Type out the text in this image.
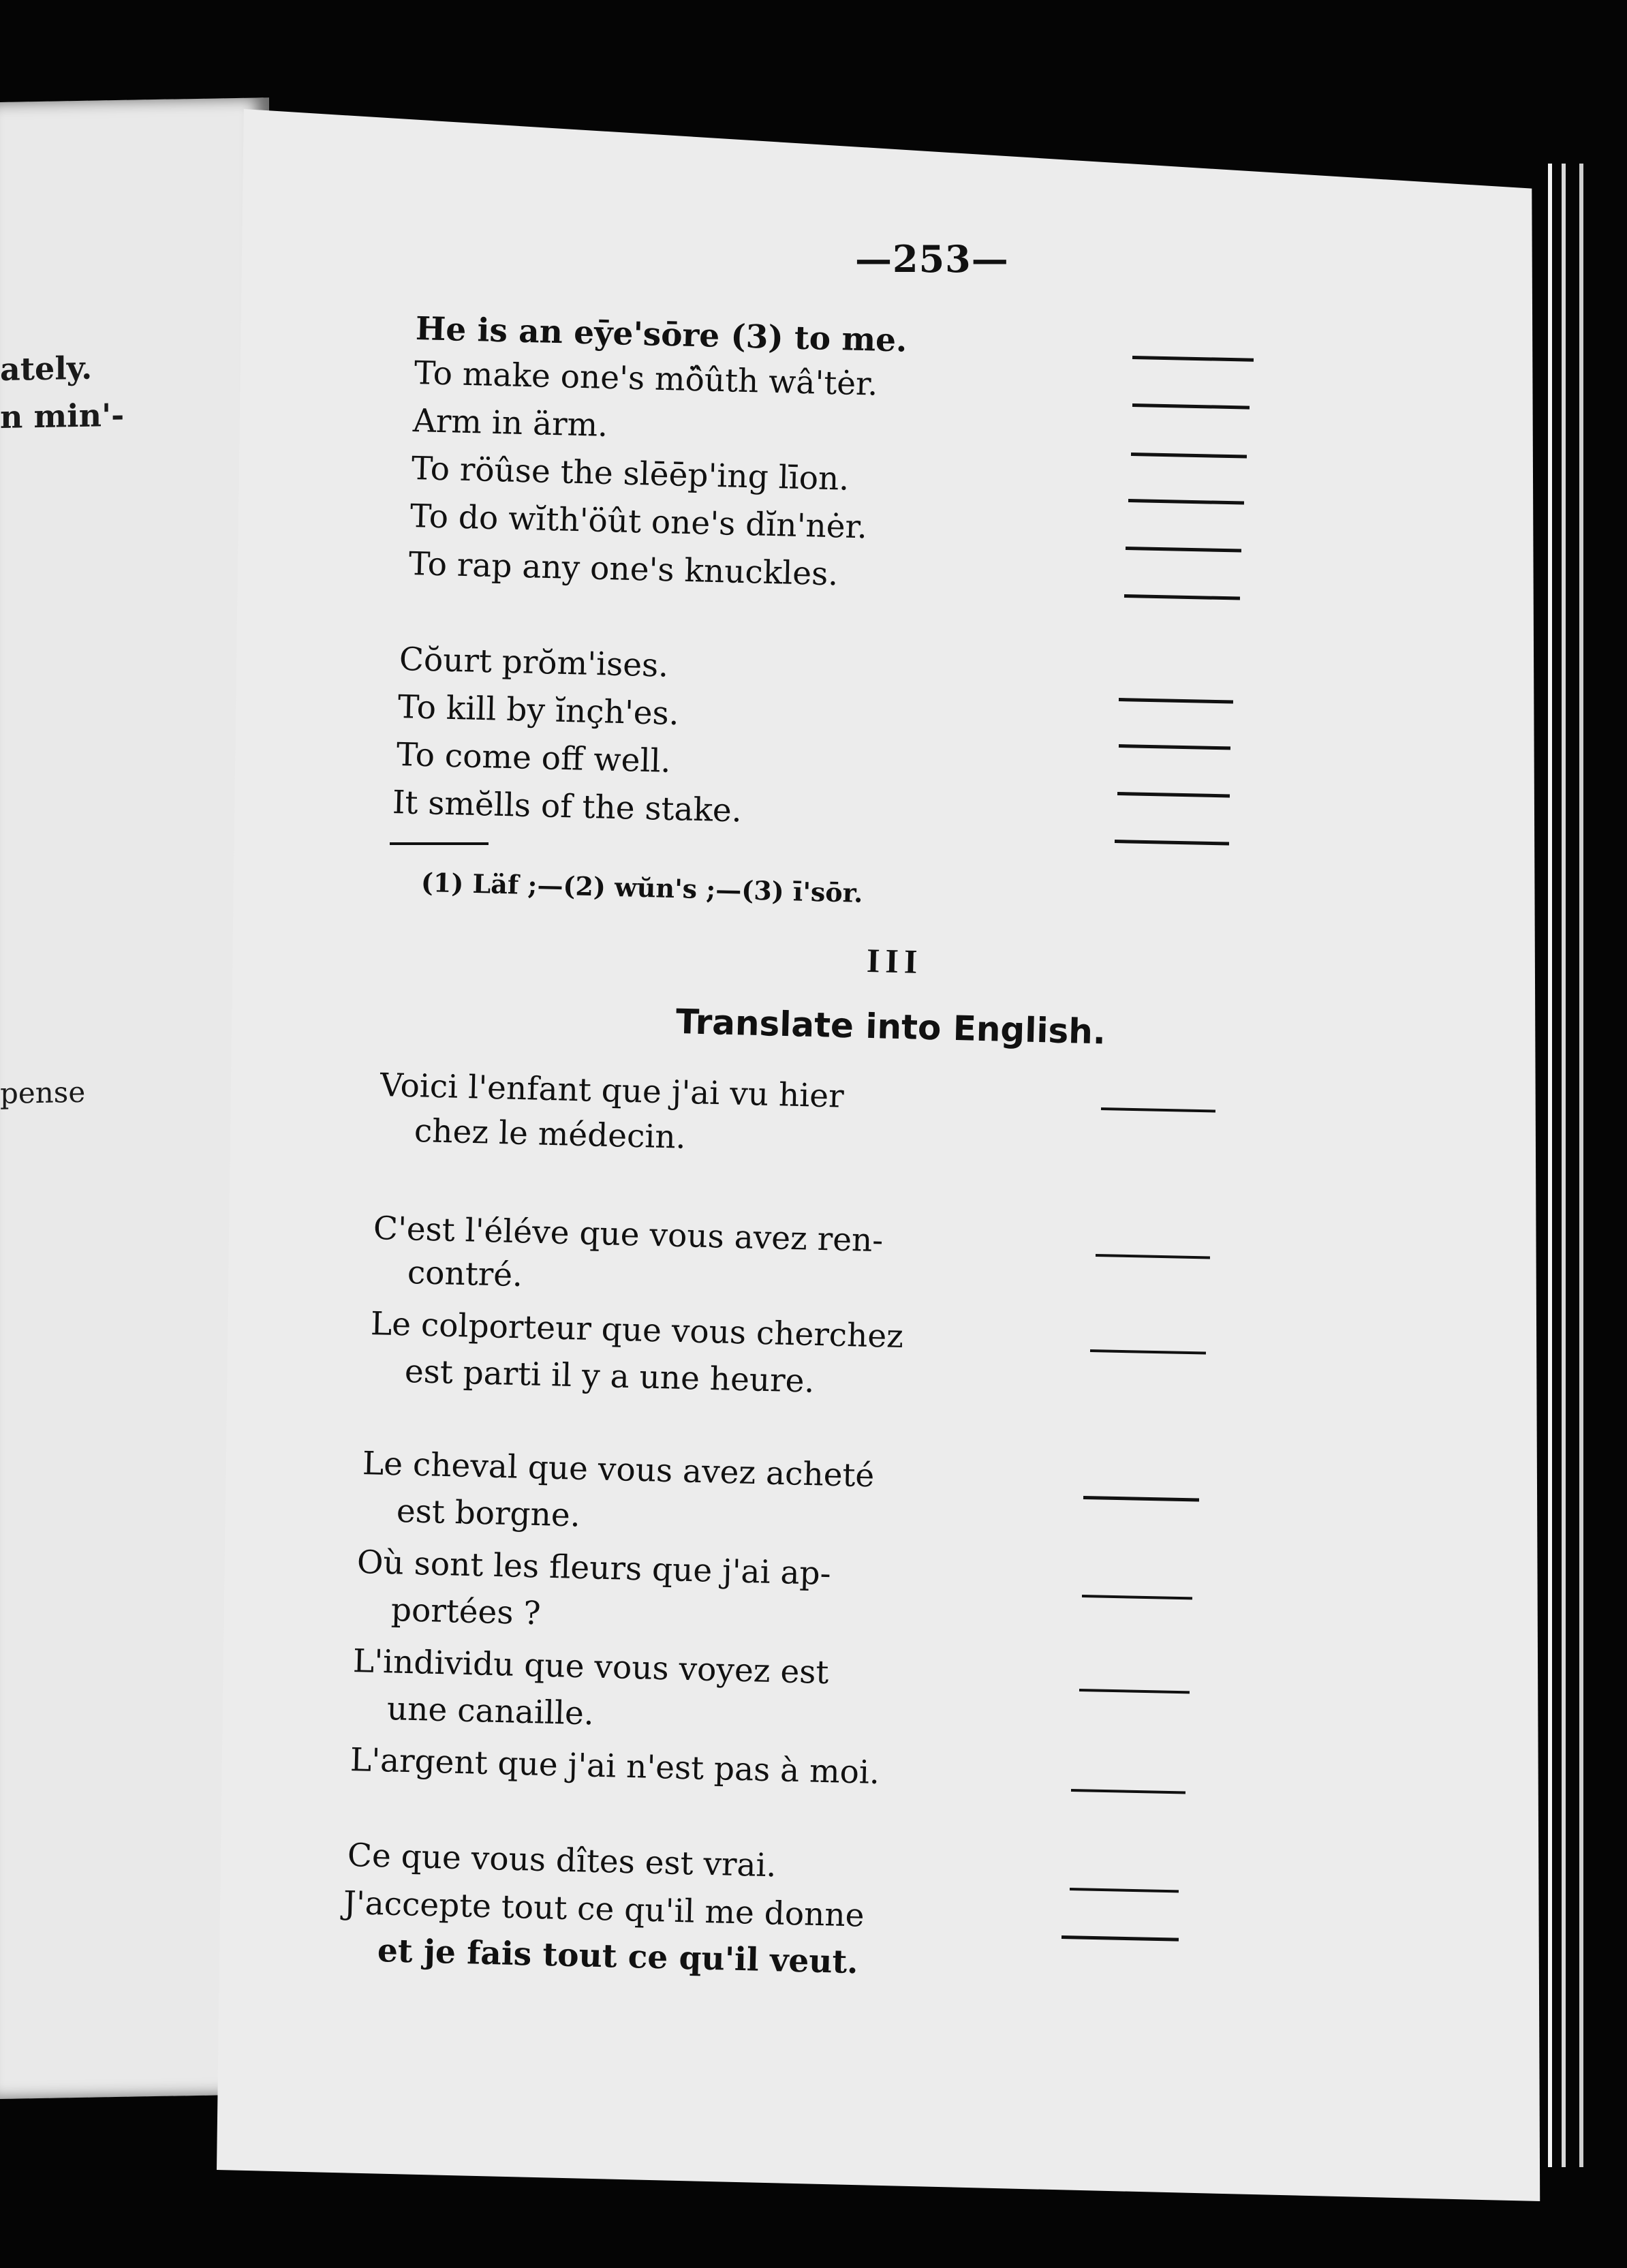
ately.
n min'-
pense
—253—
He is an eȳe'sōre (3) to me.
To make one's mö̂ûth wâ'tėr.
Arm in ärm.
To röûse the slēēp'ing līon.
To do wĭth'öût one's dĭn'nėr.
To rap any one's knuckles.
Cŏurt prŏm'ises.
To kill by ĭnçh'es.
To come off well.
It smĕlls of the stake.
(1) Läf ;—(2) wŭn's ;—(3) ī'sōr.
III
Translate into English.
Voici l'enfant que j'ai vu hier
chez le médecin.
C'est l'éléve que vous avez ren-
contré.
Le colporteur que vous cherchez
est parti il y a une heure.
Le cheval que vous avez acheté
est borgne.
Où sont les fleurs que j'ai ap-
portées ?
L'individu que vous voyez est
une canaille.
L'argent que j'ai n'est pas à moi.
Ce que vous dîtes est vrai.
J'accepte tout ce qu'il me donne
et je fais tout ce qu'il veut.
